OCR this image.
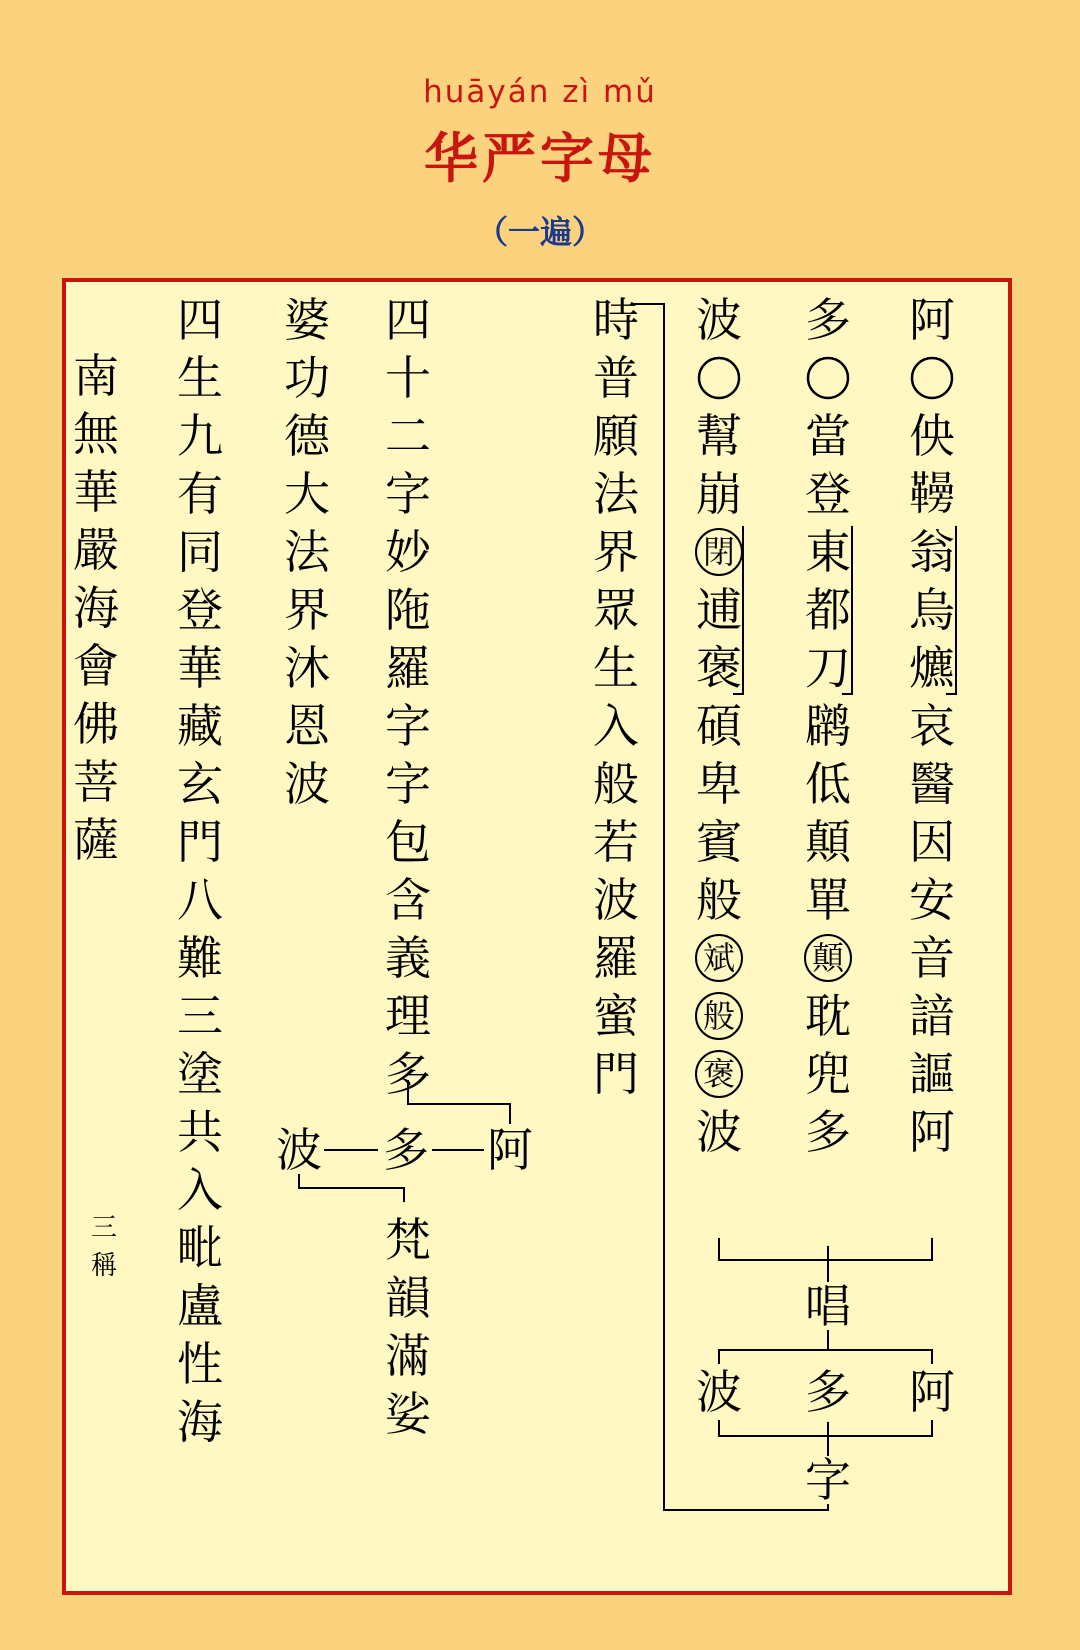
huāyán zì mǔ
华严字母
（一遍）
阿
佒
𩍗
翁
烏
爊
哀
醫
因
安
音
諳
謳
阿
多
當
登
東
都
刀
䴙
低
顛
單
顛
耽
兜
多
波
幫
崩
閉
逋
褒
碩
卑
賓
般
斌
般
褒
波
時
普
願
法
界
眾
生
入
般
若
波
羅
蜜
門
四
十
二
字
妙
陁
羅
字
字
包
含
義
理
多
婆
功
德
大
法
界
沐
恩
波
四
生
九
有
同
登
華
藏
玄
門
八
難
三
塗
共
入
毗
盧
性
海
南
無
華
嚴
海
會
佛
菩
薩
三
稱
唱
波 多 阿
字
波 多 阿
梵
韻
滿
娑
